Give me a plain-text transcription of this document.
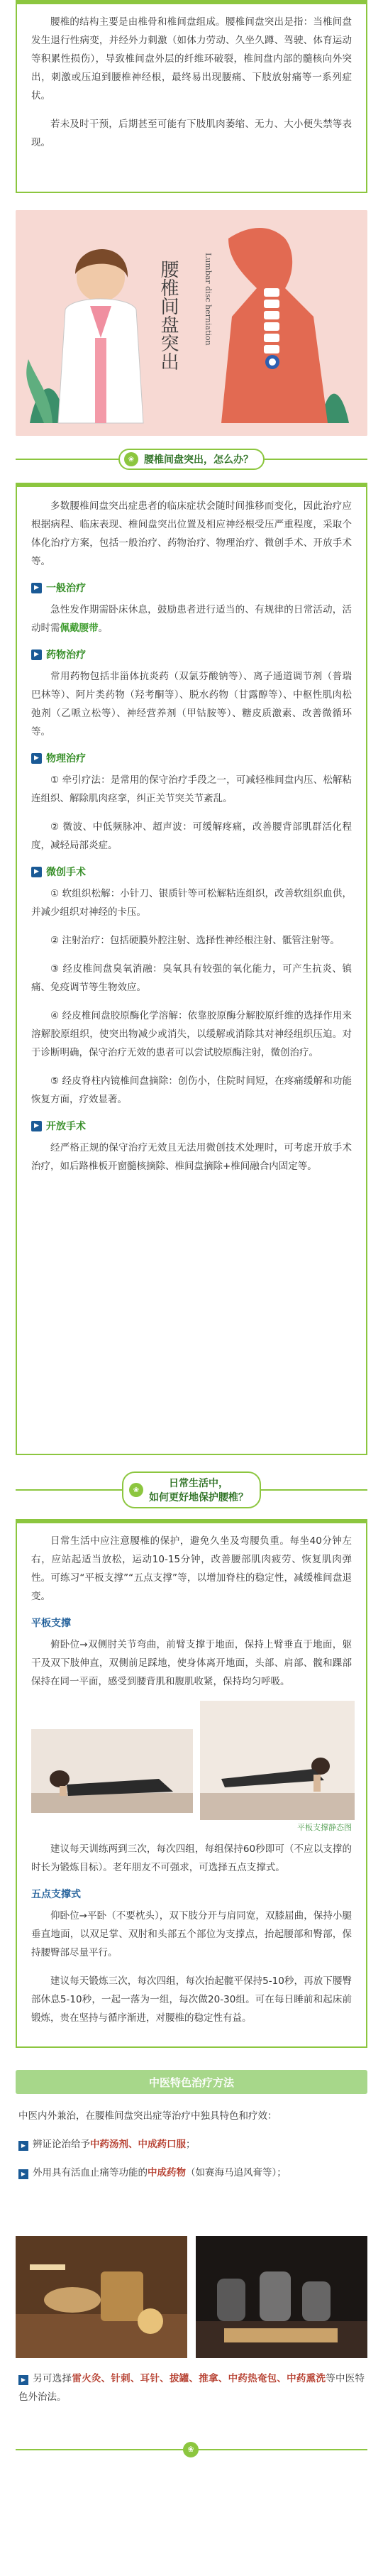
腰椎的结构主要是由椎骨和椎间盘组成。腰椎间盘突出是指：当椎间盘发生退行性病变，并经外力刺激（如体力劳动、久坐久蹲、驾驶、体育运动等积累性损伤），导致椎间盘外层的纤维环破裂，椎间盘内部的髓核向外突出，刺激或压迫到腰椎神经根，最终易出现腰痛、下肢放射痛等一系列症状。

若未及时干预，后期甚至可能有下肢肌肉萎缩、无力、大小便失禁等表现。

腰椎间盘突出	Lumbar disc herniation
❀ 腰椎间盘突出，怎么办？

多数腰椎间盘突出症患者的临床症状会随时间推移而变化，因此治疗应根据病程、临床表现、椎间盘突出位置及相应神经根受压严重程度，采取个体化治疗方案，包括一般治疗、药物治疗、物理治疗、微创手术、开放手术等。

▶ 一般治疗

急性发作期需卧床休息，鼓励患者进行适当的、有规律的日常活动，活动时需佩戴腰带。

▶ 药物治疗

常用药物包括非甾体抗炎药（双氯芬酸钠等）、离子通道调节剂（普瑞巴林等）、阿片类药物（羟考酮等）、脱水药物（甘露醇等）、中枢性肌肉松弛剂（乙哌立松等）、神经营养剂（甲钴胺等）、糖皮质激素、改善微循环等。

▶ 物理治疗

① 牵引疗法：是常用的保守治疗手段之一，可减轻椎间盘内压、松解粘连组织、解除肌肉痉挛，纠正关节突关节紊乱。

② 微波、中低频脉冲、超声波：可缓解疼痛，改善腰背部肌群活化程度，减轻局部炎症。

▶ 微创手术

① 软组织松解：小针刀、银质针等可松解粘连组织，改善软组织血供，并减少组织对神经的卡压。

② 注射治疗：包括硬膜外腔注射、选择性神经根注射、骶管注射等。

③ 经皮椎间盘臭氧消融：臭氧具有较强的氧化能力，可产生抗炎、镇痛、免疫调节等生物效应。

④ 经皮椎间盘胶原酶化学溶解：依靠胶原酶分解胶原纤维的选择作用来溶解胶原组织，使突出物减少或消失，以缓解或消除其对神经组织压迫。对于诊断明确，保守治疗无效的患者可以尝试胶原酶注射，微创治疗。

⑤ 经皮脊柱内镜椎间盘摘除：创伤小，住院时间短，在疼痛缓解和功能恢复方面，疗效显著。

▶ 开放手术

经严格正规的保守治疗无效且无法用微创技术处理时，可考虑开放手术治疗，如后路椎板开窗髓核摘除、椎间盘摘除+椎间融合内固定等。

❀
日常生活中，
如何更好地保护腰椎？

日常生活中应注意腰椎的保护，避免久坐及弯腰负重。每坐40分钟左右，应站起适当放松，运动10-15分钟，改善腰部肌肉疲劳、恢复肌肉弹性。可练习“平板支撑”“五点支撑”等，以增加脊柱的稳定性，减缓椎间盘退变。

平板支撑

俯卧位→双侧肘关节弯曲，前臂支撑于地面，保持上臂垂直于地面，躯干及双下肢伸直，双侧前足踩地，使身体离开地面，头部、肩部、髋和踝部保持在同一平面，感受到腰背肌和腹肌收紧，保持均匀呼吸。

平板支撑静态图

建议每天训练两到三次，每次四组，每组保持60秒即可（不应以支撑的时长为锻炼目标）。老年朋友不可强求，可选择五点支撑式。

五点支撑式

仰卧位→平卧（不要枕头），双下肢分开与肩同宽，双膝屈曲，保持小腿垂直地面，以双足掌、双肘和头部五个部位为支撑点，抬起腰部和臀部，保持腰臀部尽量平行。

建议每天锻炼三次，每次四组，每次抬起髋平保持5-10秒，再放下腰臀部休息5-10秒，一起一落为一组，每次做20-30组。可在每日睡前和起床前锻炼，贵在坚持与循序渐进，对腰椎的稳定性有益。

中医特色治疗方法

中医内外兼治，在腰椎间盘突出症等治疗中独具特色和疗效：

▶ 辨证论治给予中药汤剂、中成药口服；

▶ 外用具有活血止痛等功能的中成药物（如赛海马追风膏等）；

▶ 另可选择雷火灸、针刺、耳针、拔罐、推拿、中药热奄包、中药熏洗等中医特色外治法。

❀
